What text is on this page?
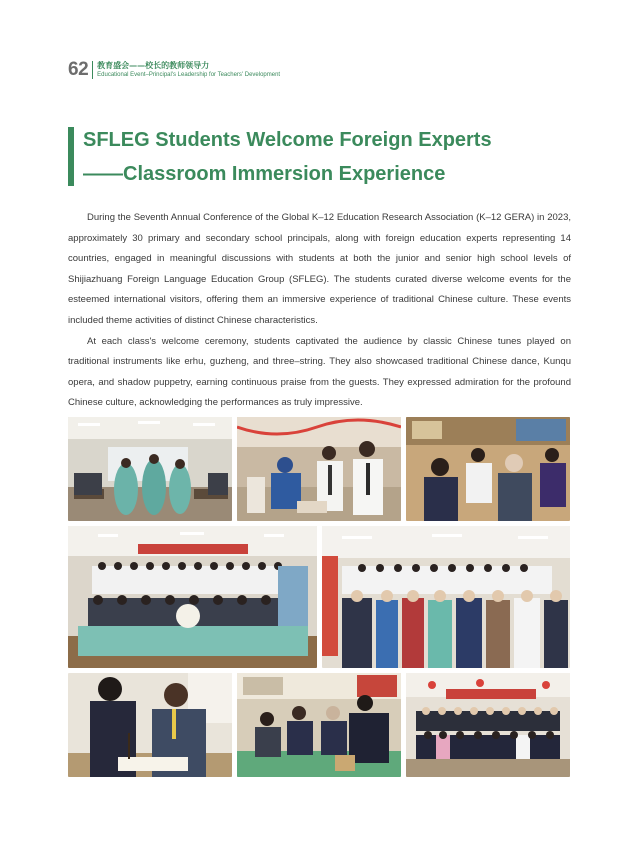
62 教育盛会——校长的教师领导力
Educational Event–Principal's Leadership for Teachers' Development
SFLEG Students Welcome Foreign Experts
——Classroom Immersion Experience

During the Seventh Annual Conference of the Global K–12 Education Research Association (K–12 GERA) in 2023, approximately 30 primary and secondary school principals, along with foreign education experts representing 14 countries, engaged in meaningful discussions with students at both the junior and senior high school levels of Shijiazhuang Foreign Language Education Group (SFLEG). The students curated diverse welcome events for the esteemed international visitors, offering them an immersive experience of traditional Chinese culture. These events included theme activities of distinct Chinese characteristics.

At each class's welcome ceremony, students captivated the audience by classic Chinese tunes played on traditional instruments like erhu, guzheng, and three–string. They also showcased traditional Chinese dance, Kunqu opera, and shadow puppetry, earning continuous praise from the guests. They expressed admiration for the profound Chinese culture, acknowledging the performances as truly impressive.
